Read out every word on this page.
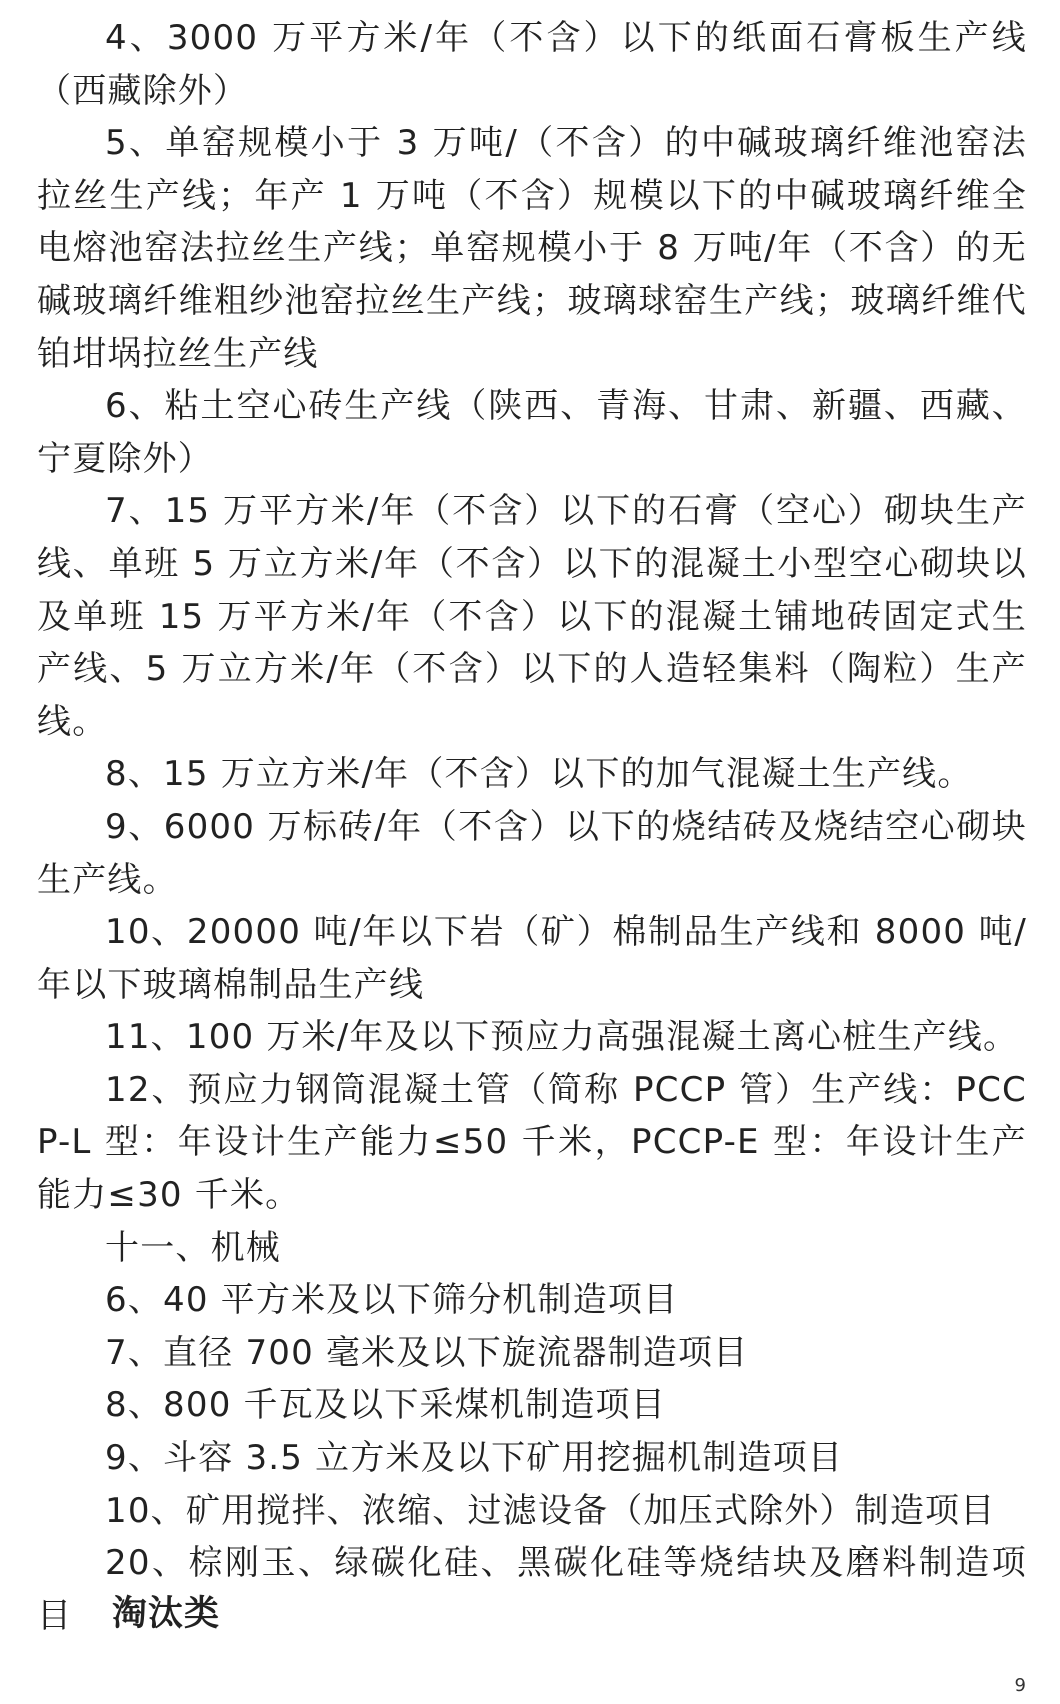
4、3000 万平方米/年（不含）以下的纸面石膏板生产线（西藏除外）

5、单窑规模小于 3 万吨/（不含）的中碱玻璃纤维池窑法拉丝生产线；年产 1 万吨（不含）规模以下的中碱玻璃纤维全电熔池窑法拉丝生产线；单窑规模小于 8 万吨/年（不含）的无碱玻璃纤维粗纱池窑拉丝生产线；玻璃球窑生产线；玻璃纤维代铂坩埚拉丝生产线

6、粘土空心砖生产线（陕西、青海、甘肃、新疆、西藏、宁夏除外）

7、15 万平方米/年（不含）以下的石膏（空心）砌块生产线、单班 5 万立方米/年（不含）以下的混凝土小型空心砌块以及单班 15 万平方米/年（不含）以下的混凝土铺地砖固定式生产线、5 万立方米/年（不含）以下的人造轻集料（陶粒）生产线。

8、15 万立方米/年（不含）以下的加气混凝土生产线。

9、6000 万标砖/年（不含）以下的烧结砖及烧结空心砌块生产线。

10、20000 吨/年以下岩（矿）棉制品生产线和 8000 吨/年以下玻璃棉制品生产线

11、100 万米/年及以下预应力高强混凝土离心桩生产线。

12、预应力钢筒混凝土管（简称 PCCP 管）生产线：PCCP-L 型：年设计生产能力≤50 千米，PCCP-E 型：年设计生产能力≤30 千米。

十一、机械

6、40 平方米及以下筛分机制造项目

7、直径 700 毫米及以下旋流器制造项目

8、800 千瓦及以下采煤机制造项目

9、斗容 3.5 立方米及以下矿用挖掘机制造项目

10、矿用搅拌、浓缩、过滤设备（加压式除外）制造项目

20、棕刚玉、绿碳化硅、黑碳化硅等烧结块及磨料制造项目	淘汰类
9
